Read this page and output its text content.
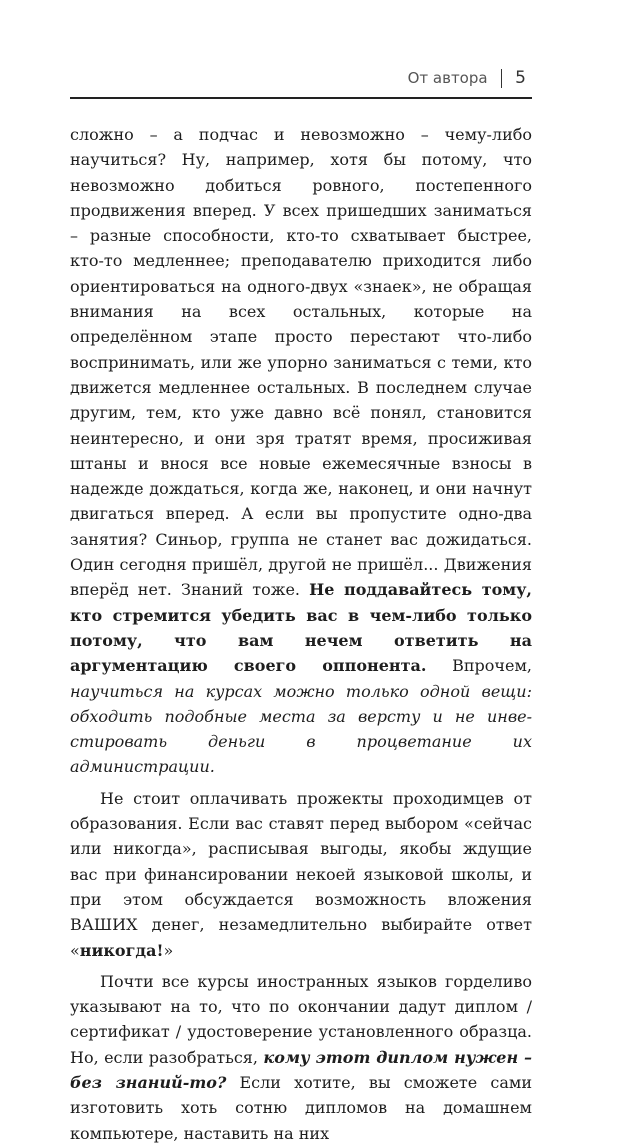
От автора 5

сложно – а подчас и невозможно – чему-либо научиться? Ну, например, хотя бы потому, что невозможно добиться ровного, постепенного продвижения вперед. У всех пришедших заниматься – разные способности, кто-то схватывает быстрее, кто-то медленнее; преподавателю приходится либо ориентироваться на одного-двух «знаек», не обращая внимания на всех остальных, которые на определённом этапе просто перестают что-либо воспринимать, или же упорно заниматься с теми, кто движется медленнее остальных. В последнем случае другим, тем, кто уже давно всё понял, становится неинтересно, и они зря тратят время, просиживая штаны и внося все новые ежемесячные взносы в надежде дождаться, когда же, наконец, и они начнут двигаться вперед. А если вы пропустите одно-два занятия? Синьор, группа не станет вас дожидаться. Один сегодня пришёл, другой не пришёл... Движения вперёд нет. Знаний тоже. Не поддавайтесь тому, кто стремится убедить вас в чем-либо только потому, что вам нечем ответить на аргументацию своего оппонента. Впрочем, научиться на курсах можно только одной вещи: обходить подобные места за версту и не инвестировать деньги в процветание их администрации.

Не стоит оплачивать прожекты проходимцев от образования. Если вас ставят перед выбором «сейчас или никогда», расписывая выгоды, якобы ждущие вас при финансировании некоей языковой школы, и при этом обсуждается возможность вложения ВАШИХ денег, незамедлительно выбирайте ответ «никогда!»

Почти все курсы иностранных языков горделиво указывают на то, что по окончании дадут диплом / сертификат / удостоверение установленного образца. Но, если разобраться, кому этот диплом нужен – без знаний-то? Если хотите, вы сможете сами изготовить хоть сотню дипломов на домашнем компьютере, наставить на них
